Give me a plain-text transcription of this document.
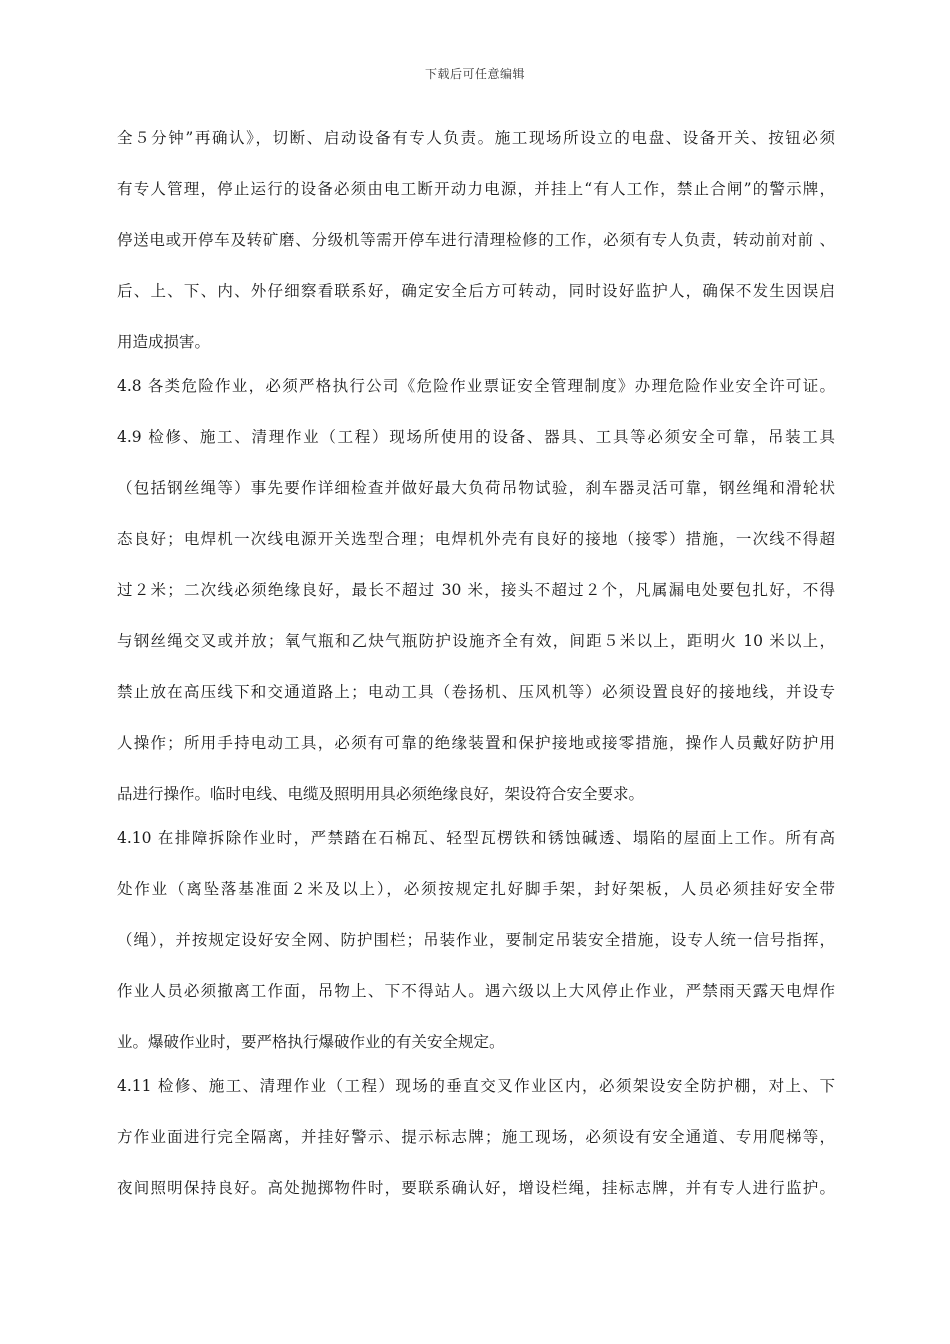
下载后可任意编辑
全５分钟”再确认》，切断、启动设备有专人负责。施工现场所设立的电盘、设备开关、按钮必须
有专人管理，停止运行的设备必须由电工断开动力电源，并挂上“有人工作，禁止合闸”的警示牌，
停送电或开停车及转矿磨、分级机等需开停车进行清理检修的工作，必须有专人负责，转动前对前 、
后、上、下、内、外仔细察看联系好，确定安全后方可转动，同时设好监护人，确保不发生因误启
用造成损害。
4.8 各类危险作业，必须严格执行公司《危险作业票证安全管理制度》办理危险作业安全许可证。
4.9 检修、施工、清理作业（工程）现场所使用的设备、器具、工具等必须安全可靠，吊装工具
（包括钢丝绳等）事先要作详细检查并做好最大负荷吊物试验，刹车器灵活可靠，钢丝绳和滑轮状
态良好；电焊机一次线电源开关选型合理；电焊机外壳有良好的接地（接零）措施，一次线不得超
过２米；二次线必须绝缘良好，最长不超过 30 米，接头不超过２个，凡属漏电处要包扎好，不得
与钢丝绳交叉或并放；氧气瓶和乙炔气瓶防护设施齐全有效，间距５米以上，距明火 10 米以上，
禁止放在高压线下和交通道路上；电动工具（卷扬机、压风机等）必须设置良好的接地线，并设专
人操作；所用手持电动工具，必须有可靠的绝缘装置和保护接地或接零措施，操作人员戴好防护用
品进行操作。临时电线、电缆及照明用具必须绝缘良好，架设符合安全要求。
4.10 在排障拆除作业时，严禁踏在石棉瓦、轻型瓦楞铁和锈蚀碱透、塌陷的屋面上工作。所有高
处作业（离坠落基准面２米及以上），必须按规定扎好脚手架，封好架板，人员必须挂好安全带
（绳），并按规定设好安全网、防护围栏；吊装作业，要制定吊装安全措施，设专人统一信号指挥，
作业人员必须撤离工作面，吊物上、下不得站人。遇六级以上大风停止作业，严禁雨天露天电焊作
业。爆破作业时，要严格执行爆破作业的有关安全规定。
4.11 检修、施工、清理作业（工程）现场的垂直交叉作业区内，必须架设安全防护棚，对上、下
方作业面进行完全隔离，并挂好警示、提示标志牌；施工现场，必须设有安全通道、专用爬梯等，
夜间照明保持良好。高处抛掷物件时，要联系确认好，增设栏绳，挂标志牌，并有专人进行监护。
